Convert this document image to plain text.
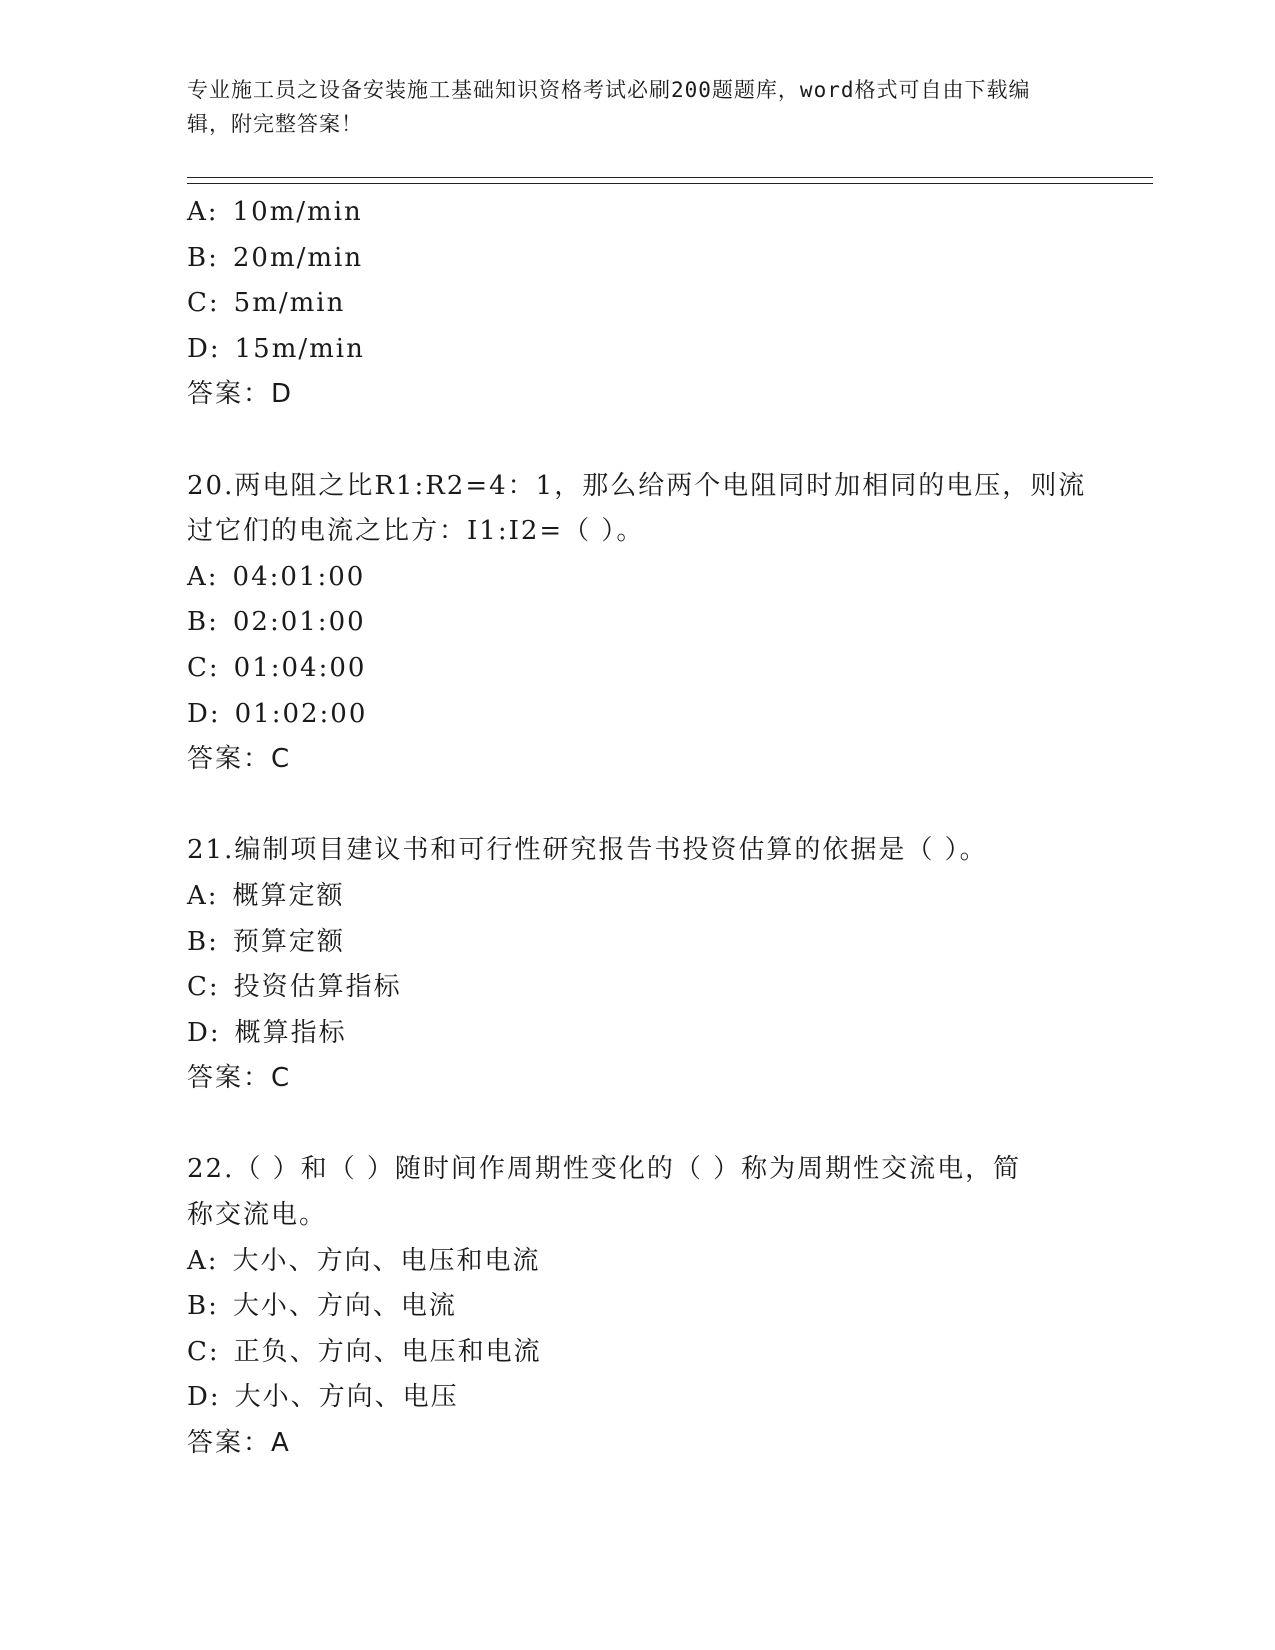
专业施工员之设备安装施工基础知识资格考试必刷200题题库，word格式可自由下载编辑，附完整答案！
A: 10m/min
B: 20m/min
C: 5m/min
D: 15m/min
答案：D
20.两电阻之比R1:R2=4：1，那么给两个电阻同时加相同的电压，则流
过它们的电流之比方：I1:I2=（ ）。
A: 04:01:00
B: 02:01:00
C: 01:04:00
D: 01:02:00
答案：C
21.编制项目建议书和可行性研究报告书投资估算的依据是（ ）。
A: 概算定额
B: 预算定额
C: 投资估算指标
D: 概算指标
答案：C
22.（ ）和（ ）随时间作周期性变化的（ ）称为周期性交流电，简
称交流电。
A: 大小、方向、电压和电流
B: 大小、方向、电流
C: 正负、方向、电压和电流
D: 大小、方向、电压
答案：A
